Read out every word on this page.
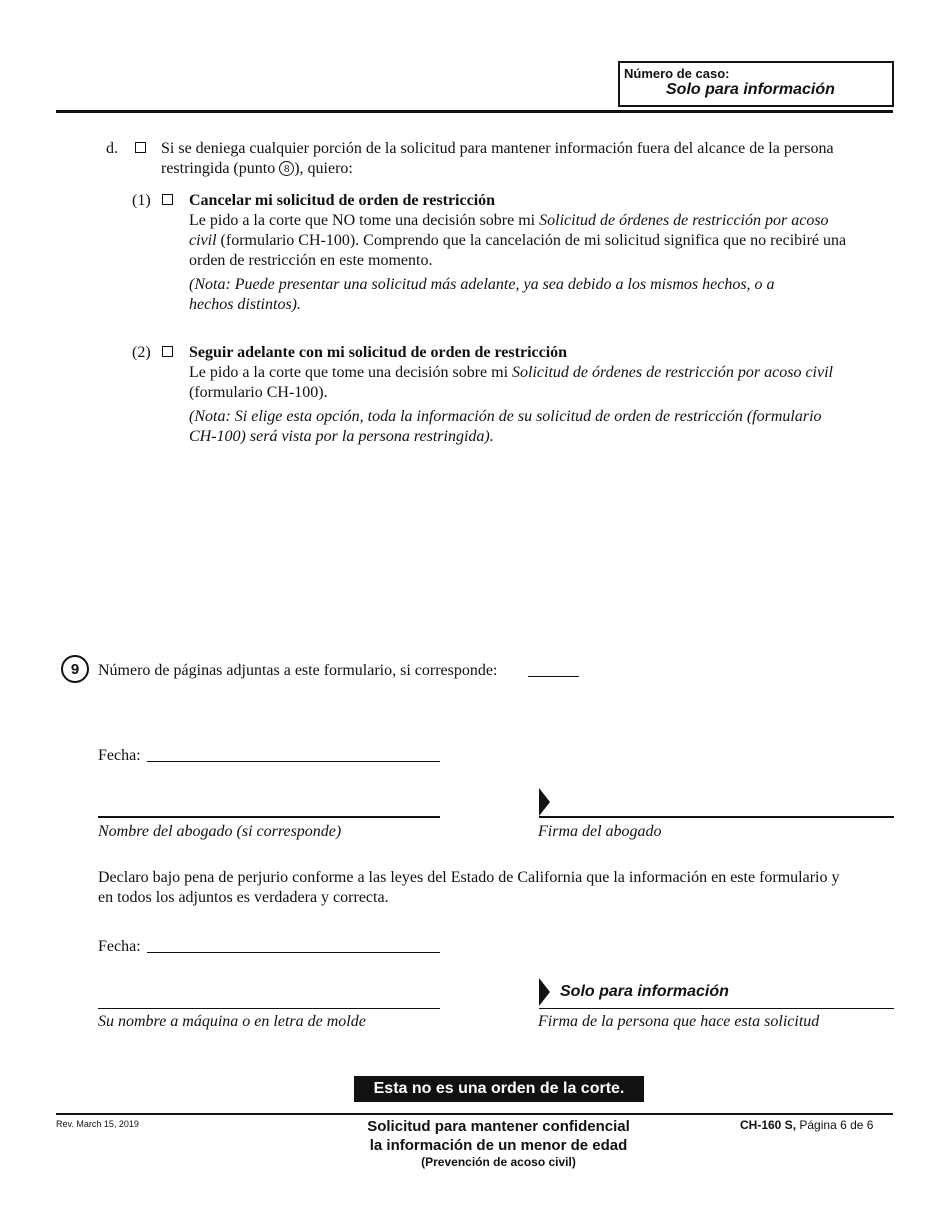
Número de caso:
Solo para información
d.	Si se deniega cualquier porción de la solicitud para mantener información fuera del alcance de la persona
restringida (punto 8 ), quiero:
(1) Cancelar mi solicitud de orden de restricción
Le pido a la corte que NO tome una decisión sobre mi Solicitud de órdenes de restricción por acoso
civil (formulario CH-100). Comprendo que la cancelación de mi solicitud significa que no recibiré una
orden de restricción en este momento.
(Nota: Puede presentar una solicitud más adelante, ya sea debido a los mismos hechos, o a
hechos distintos).
(2) Seguir adelante con mi solicitud de orden de restricción
Le pido a la corte que tome una decisión sobre mi Solicitud de órdenes de restricción por acoso civil
(formulario CH-100).
(Nota: Si elige esta opción, toda la información de su solicitud de orden de restricción (formulario
CH-100) será vista por la persona restringida).
9	Número de páginas adjuntas a este formulario, si corresponde:
Fecha:
Nombre del abogado (si corresponde)	Firma del abogado
Declaro bajo pena de perjurio conforme a las leyes del Estado de California que la información en este formulario y
en todos los adjuntos es verdadera y correcta.
Fecha:
Su nombre a máquina o en letra de molde
Solo para información
Firma de la persona que hace esta solicitud
Esta no es una orden de la corte.
Rev. March 15, 2019	Solicitud para mantener confidencial
la información de un menor de edad
(Prevención de acoso civil)
CH-160 S, Página 6 de 6
